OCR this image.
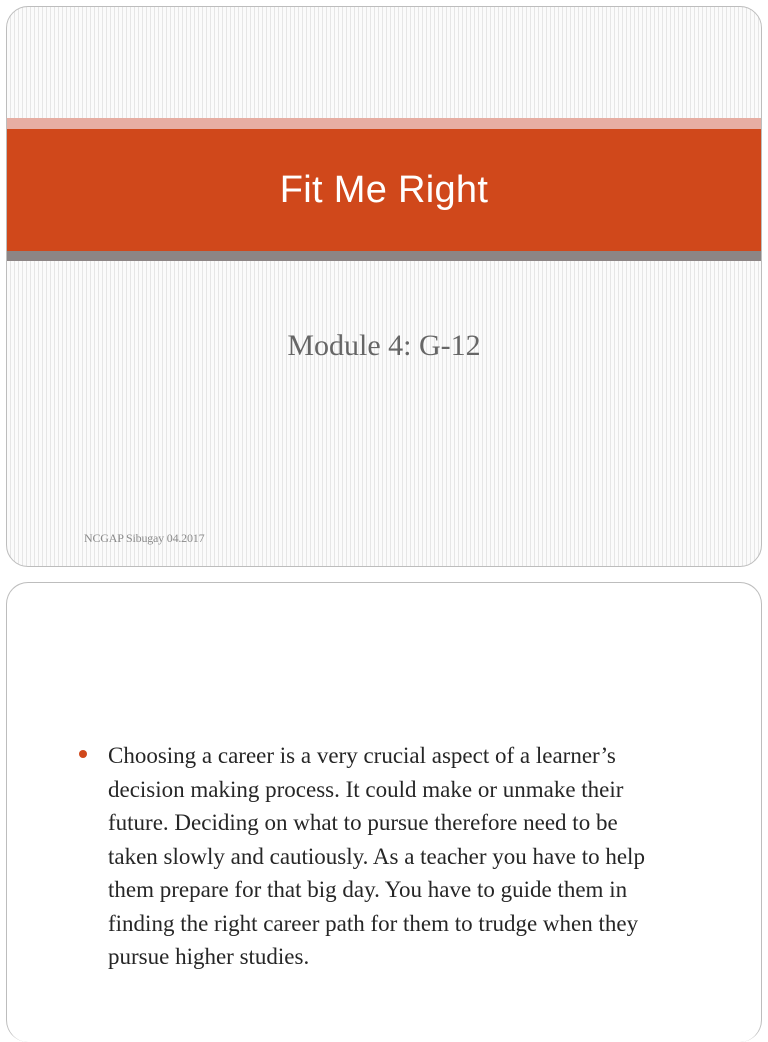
Fit Me Right

Module 4: G-12

NCGAP Sibugay 04.2017

Choosing a career is a very crucial aspect of a learner’s
decision making process. It could make or unmake their
future. Deciding on what to pursue therefore need to be
taken slowly and cautiously. As a teacher you have to help
them prepare for that big day. You have to guide them in
finding the right career path for them to trudge when they
pursue higher studies.
